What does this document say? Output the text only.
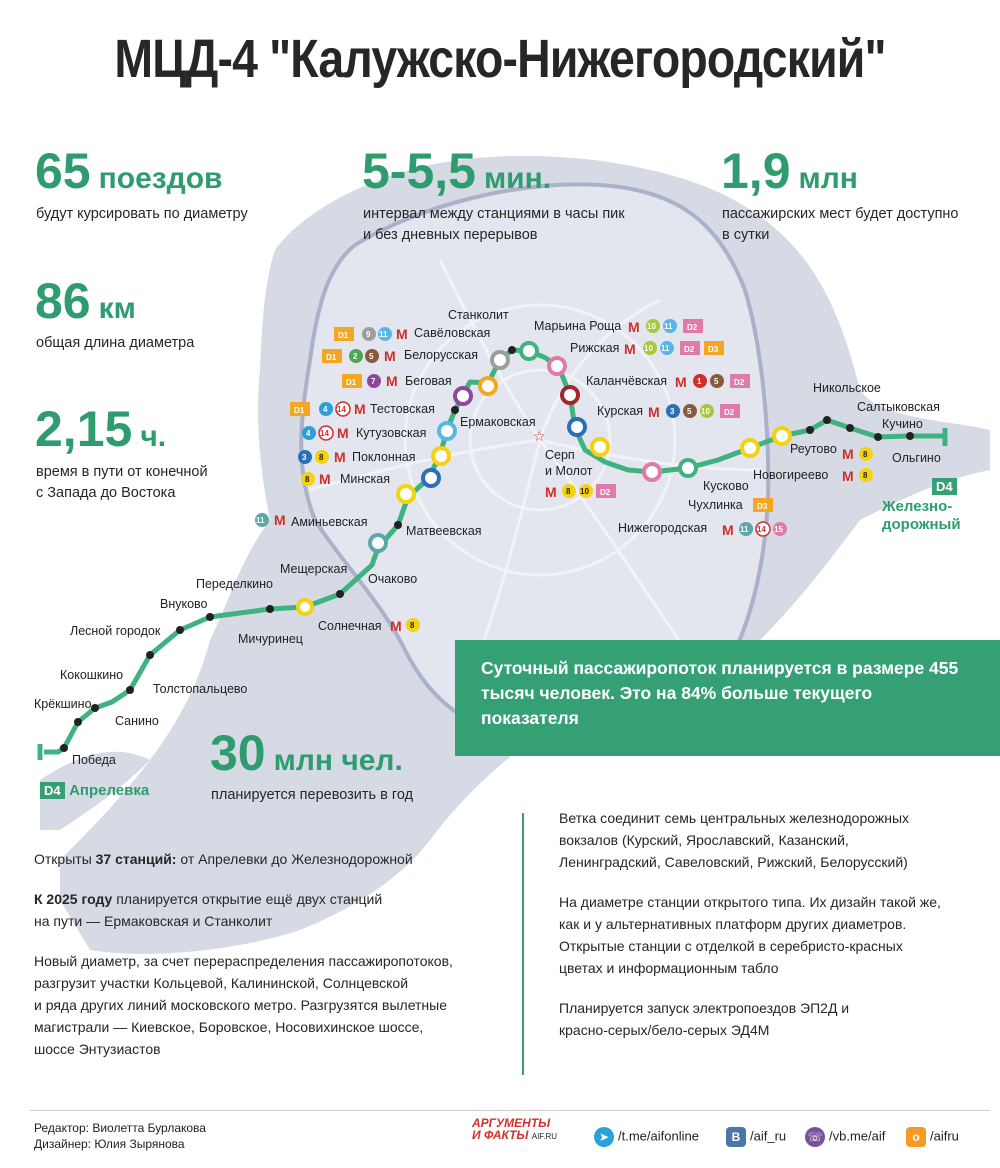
☆
МЦД-4 "Калужско-Нижегородский"
65 поездов
будут курсировать по диаметру
5-5,5 мин.
интервал между станциями в часы пик
и без дневных перерывов
1,9 млн
пассажирских мест будет доступно
в сутки
86 км
общая длина диаметра
2,15 ч.
время в пути от конечной
с Запада до Востока
30 млн чел.
планируется перевозить в год
Суточный пассажиропоток планируется в размере 455 тысяч человек. Это на 84% больше текущего показателя
Победа
Крёкшино
Санино
Кокошкино
Толстопальцево
Лесной городок
Внуково
Переделкино
Мичуринец
Мещерская
Солнечная
Очаково
Аминьевская
Матвеевская
Минская
Поклонная
Кутузовская
Тестовская
Беговая
Белорусская
Савёловская
Станколит
Ермаковская
Марьина Роща
Рижская
Каланчёвская
Курская
Серп
и Молот
Нижегородская
Чухлинка
Кусково
Новогиреево
Реутово
Никольское
Салтыковская
Кучино
Ольгино
D1 9 11 M
D1 2 5 M
D1 7 M
D1 4 14 M
4 14 M
3 8 M
8 M
11 M
M 8
M 10 11 D2
M 10 11 D2 D3
M 1 5 D2
M 3 5 10 D2
M 8 10 D2
M 11 14 15
D3
M 8
M 8
D4 Апрелевка
D4
Железно-
дорожный
Открыты 37 станций: от Апрелевки до Железнодорожной
К 2025 году планируется открытие ещё двух станций
на пути — Ермаковская и Станколит
Новый диаметр, за счет перераспределения пассажиропотоков,
разгрузит участки Кольцевой, Калининской, Солнцевской
и ряда других линий московского метро. Разгрузятся вылетные
магистрали — Киевское, Боровское, Носовихинское шоссе,
шоссе Энтузиастов
Ветка соединит семь центральных железнодорожных
вокзалов (Курский, Ярославский, Казанский,
Ленинградский, Савеловский, Рижский, Белорусский)
На диаметре станции открытого типа. Их дизайн такой же,
как и у альтернативных платформ других диаметров.
Открытые станции с отделкой в серебристо-красных
цветах и информационным табло
Планируется запуск электропоездов ЭП2Д и
красно-серых/бело-серых ЭД4М
Редактор: Виолетта Бурлакова
Дизайнер: Юлия Зырянова
АРГУМЕНТЫ
И ФАКТЫ AIF.RU	➤ /t.me/aifonline	B /aif_ru ☏ /vb.me/aif	o /aifru
